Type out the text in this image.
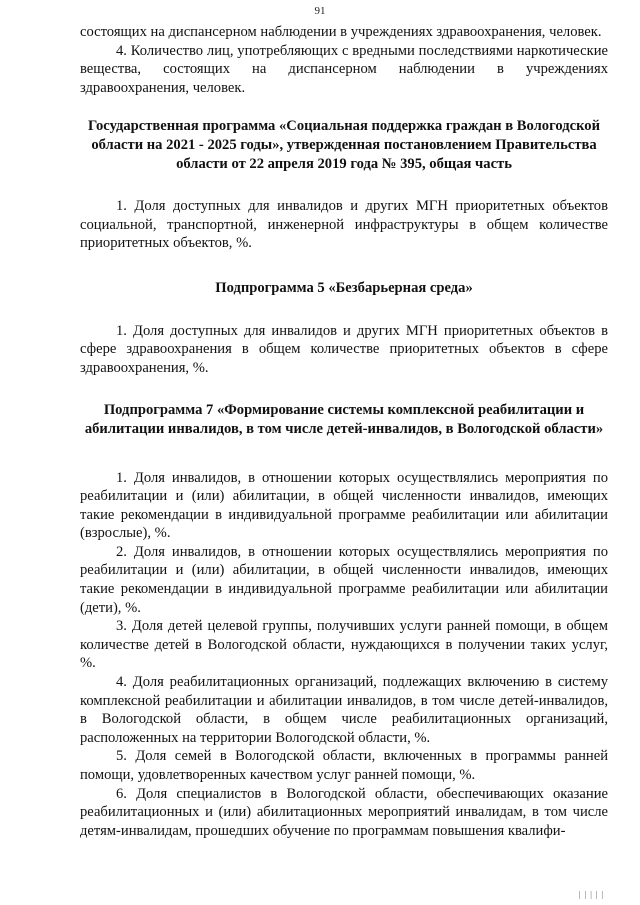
91

состоящих на диспансерном наблюдении в учреждениях здравоохранения, человек.

4. Количество лиц, употребляющих с вредными последствиями наркотические вещества, состоящих на диспансерном наблюдении в учреждениях здравоохранения, человек.

Государственная программа «Социальная поддержка граждан в Вологодской области на 2021 - 2025 годы», утвержденная постановлением Правительства области от 22 апреля 2019 года № 395, общая часть

1. Доля доступных для инвалидов и других МГН приоритетных объектов социальной, транспортной, инженерной инфраструктуры в общем количестве приоритетных объектов, %.

Подпрограмма 5 «Безбарьерная среда»

1. Доля доступных для инвалидов и других МГН приоритетных объектов в сфере здравоохранения в общем количестве приоритетных объектов в сфере здравоохранения, %.

Подпрограмма 7 «Формирование системы комплексной реабилитации и абилитации инвалидов, в том числе детей-инвалидов, в Вологодской области»

1. Доля инвалидов, в отношении которых осуществлялись мероприятия по реабилитации и (или) абилитации, в общей численности инвалидов, имеющих такие рекомендации в индивидуальной программе реабилитации или абилитации (взрослые), %.

2. Доля инвалидов, в отношении которых осуществлялись мероприятия по реабилитации и (или) абилитации, в общей численности инвалидов, имеющих такие рекомендации в индивидуальной программе реабилитации или абилитации (дети), %.

3. Доля детей целевой группы, получивших услуги ранней помощи, в общем количестве детей в Вологодской области, нуждающихся в получении таких услуг, %.

4. Доля реабилитационных организаций, подлежащих включению в систему комплексной реабилитации и абилитации инвалидов, в том числе детей-инвалидов, в Вологодской области, в общем числе реабилитационных организаций, расположенных на территории Вологодской области, %.

5. Доля семей в Вологодской области, включенных в программы ранней помощи, удовлетворенных качеством услуг ранней помощи, %.

6. Доля специалистов в Вологодской области, обеспечивающих оказание реабилитационных и (или) абилитационных мероприятий инвалидам, в том числе детям-инвалидам, прошедших обучение по программам повышения квалифи-

| | | | |
